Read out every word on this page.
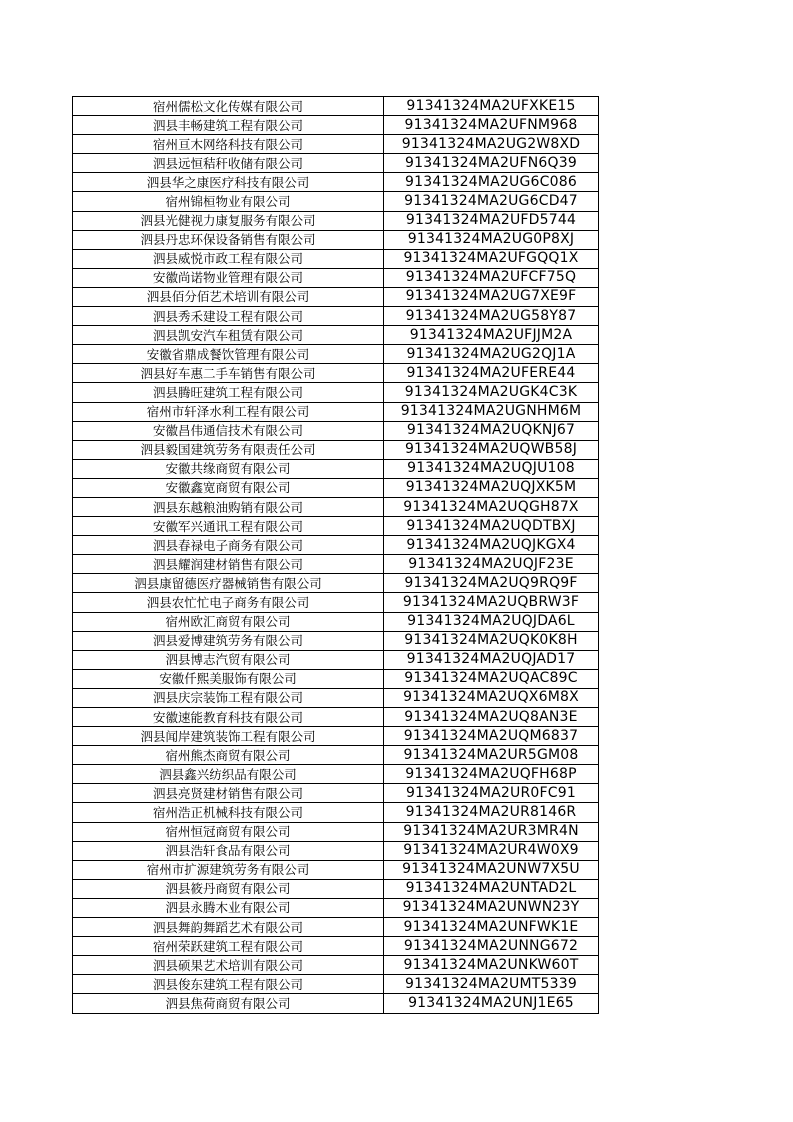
宿州儒松文化传媒有限公司	91341324MA2UFXKE15
泗县丰畅建筑工程有限公司	91341324MA2UFNM968
宿州亘木网络科技有限公司	91341324MA2UG2W8XD
泗县远恒秸秆收储有限公司	91341324MA2UFN6Q39
泗县华之康医疗科技有限公司	91341324MA2UG6C086
宿州锦桓物业有限公司	91341324MA2UG6CD47
泗县光健视力康复服务有限公司	91341324MA2UFD5744
泗县丹忠环保设备销售有限公司	91341324MA2UG0P8XJ
泗县威悦市政工程有限公司	91341324MA2UFGQQ1X
安徽尚诺物业管理有限公司	91341324MA2UFCF75Q
泗县佰分佰艺术培训有限公司	91341324MA2UG7XE9F
泗县秀禾建设工程有限公司	91341324MA2UG58Y87
泗县凯安汽车租赁有限公司	91341324MA2UFJJM2A
安徽省鼎成餐饮管理有限公司	91341324MA2UG2QJ1A
泗县好车惠二手车销售有限公司	91341324MA2UFERE44
泗县腾旺建筑工程有限公司	91341324MA2UGK4C3K
宿州市轩泽水利工程有限公司	91341324MA2UGNHM6M
安徽昌伟通信技术有限公司	91341324MA2UQKNJ67
泗县毅国建筑劳务有限责任公司	91341324MA2UQWB58J
安徽共缘商贸有限公司	91341324MA2UQJU108
安徽鑫宽商贸有限公司	91341324MA2UQJXK5M
泗县东越粮油购销有限公司	91341324MA2UQGH87X
安徽军兴通讯工程有限公司	91341324MA2UQDTBXJ
泗县春禄电子商务有限公司	91341324MA2UQJKGX4
泗县耀润建材销售有限公司	91341324MA2UQJF23E
泗县康留德医疗器械销售有限公司	91341324MA2UQ9RQ9F
泗县农忙忙电子商务有限公司	91341324MA2UQBRW3F
宿州欧汇商贸有限公司	91341324MA2UQJDA6L
泗县爱博建筑劳务有限公司	91341324MA2UQK0K8H
泗县博志汽贸有限公司	91341324MA2UQJAD17
安徽仟熙美服饰有限公司	91341324MA2UQAC89C
泗县庆宗装饰工程有限公司	91341324MA2UQX6M8X
安徽速能教育科技有限公司	91341324MA2UQ8AN3E
泗县闻岸建筑装饰工程有限公司	91341324MA2UQM6837
宿州熊杰商贸有限公司	91341324MA2UR5GM08
泗县鑫兴纺织品有限公司	91341324MA2UQFH68P
泗县亮贤建材销售有限公司	91341324MA2UR0FC91
宿州浩正机械科技有限公司	91341324MA2UR8146R
宿州恒冠商贸有限公司	91341324MA2UR3MR4N
泗县浩轩食品有限公司	91341324MA2UR4W0X9
宿州市扩源建筑劳务有限公司	91341324MA2UNW7X5U
泗县筱丹商贸有限公司	91341324MA2UNTAD2L
泗县永腾木业有限公司	91341324MA2UNWN23Y
泗县舞韵舞蹈艺术有限公司	91341324MA2UNFWK1E
宿州荣跃建筑工程有限公司	91341324MA2UNNG672
泗县硕果艺术培训有限公司	91341324MA2UNKW60T
泗县俊东建筑工程有限公司	91341324MA2UMT5339
泗县焦荷商贸有限公司	91341324MA2UNJ1E65
